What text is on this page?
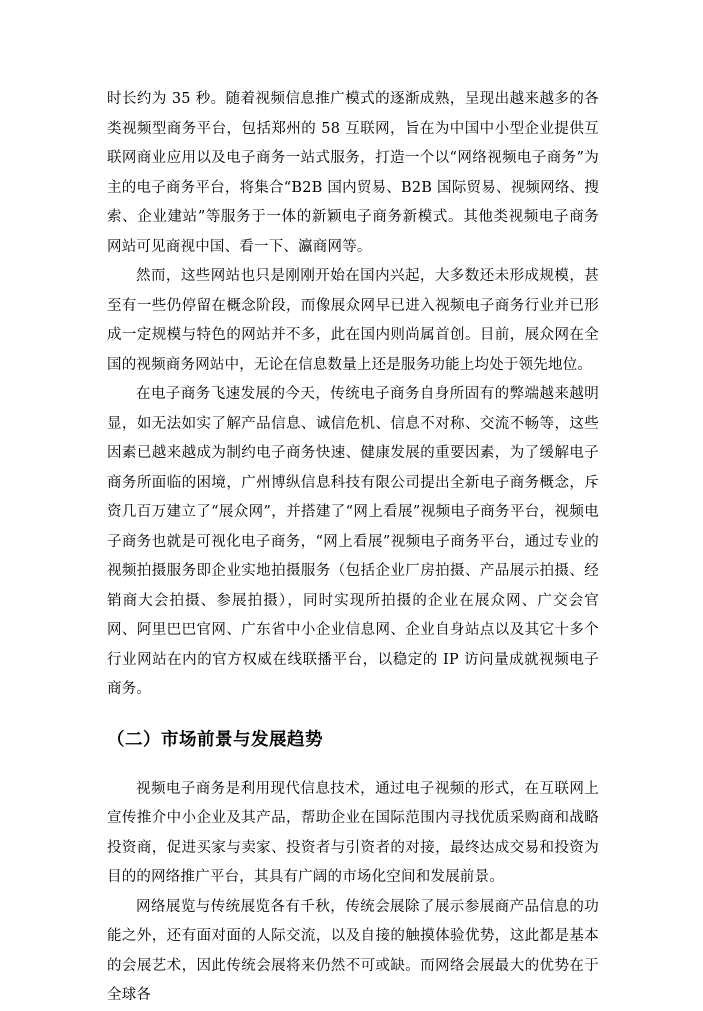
时长约为 35 秒。随着视频信息推广模式的逐渐成熟，呈现出越来越多的各类视频型商务平台，包括郑州的 58 互联网，旨在为中国中小型企业提供互联网商业应用以及电子商务一站式服务，打造一个以“网络视频电子商务”为主的电子商务平台，将集合“B2B 国内贸易、B2B 国际贸易、视频网络、搜索、企业建站”等服务于一体的新颖电子商务新模式。其他类视频电子商务网站可见商视中国、看一下、瀛商网等。

然而，这些网站也只是刚刚开始在国内兴起，大多数还未形成规模，甚至有一些仍停留在概念阶段，而像展众网早已进入视频电子商务行业并已形成一定规模与特色的网站并不多，此在国内则尚属首创。目前，展众网在全国的视频商务网站中，无论在信息数量上还是服务功能上均处于领先地位。

在电子商务飞速发展的今天，传统电子商务自身所固有的弊端越来越明显，如无法如实了解产品信息、诚信危机、信息不对称、交流不畅等，这些因素已越来越成为制约电子商务快速、健康发展的重要因素，为了缓解电子商务所面临的困境，广州博纵信息科技有限公司提出全新电子商务概念，斥资几百万建立了“展众网”，并搭建了“网上看展”视频电子商务平台，视频电子商务也就是可视化电子商务，“网上看展”视频电子商务平台，通过专业的视频拍摄服务即企业实地拍摄服务（包括企业厂房拍摄、产品展示拍摄、经销商大会拍摄、参展拍摄），同时实现所拍摄的企业在展众网、广交会官网、阿里巴巴官网、广东省中小企业信息网、企业自身站点以及其它十多个行业网站在内的官方权威在线联播平台，以稳定的 IP 访问量成就视频电子商务。

（二）市场前景与发展趋势

视频电子商务是利用现代信息技术，通过电子视频的形式，在互联网上宣传推介中小企业及其产品，帮助企业在国际范围内寻找优质采购商和战略投资商，促进买家与卖家、投资者与引资者的对接，最终达成交易和投资为目的的网络推广平台，其具有广阔的市场化空间和发展前景。

网络展览与传统展览各有千秋，传统会展除了展示参展商产品信息的功能之外，还有面对面的人际交流，以及自接的触摸体验优势，这此都是基本的会展艺术，因此传统会展将来仍然不可或缺。而网络会展最大的优势在于全球各
